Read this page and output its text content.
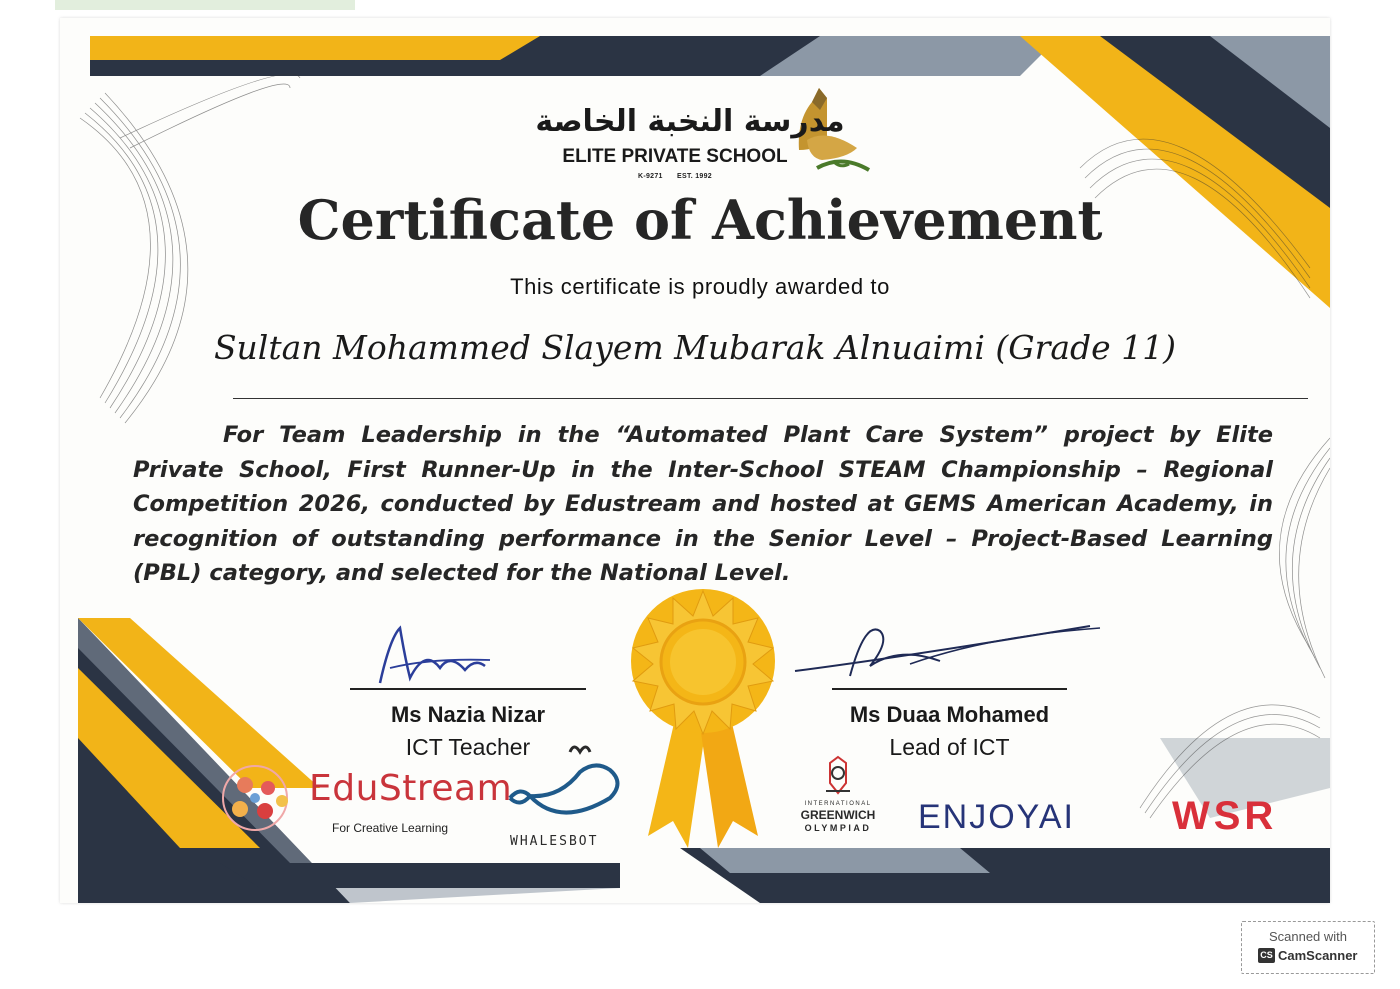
مدرسة النخبة الخاصة
ELITE PRIVATE SCHOOL
K-9271 EST. 1992
Certificate of Achievement
This certificate is proudly awarded to
Sultan Mohammed Slayem Mubarak Alnuaimi (Grade 11)
For Team Leadership in the “Automated Plant Care System” project by Elite Private School, First Runner-Up in the Inter-School STEAM Championship – Regional Competition 2026, conducted by Edustream and hosted at GEMS American Academy, in recognition of outstanding performance in the Senior Level – Project-Based Learning (PBL) category, and selected for the National Level.
Ms Nazia Nizar
ICT Teacher
Ms Duaa Mohamed
Lead of ICT
EduStream
For Creative Learning
WHALESBOT
INTERNATIONAL
GREENWICH
OLYMPIAD	ENJOYAI WSR
Scanned with
CS CamScanner
